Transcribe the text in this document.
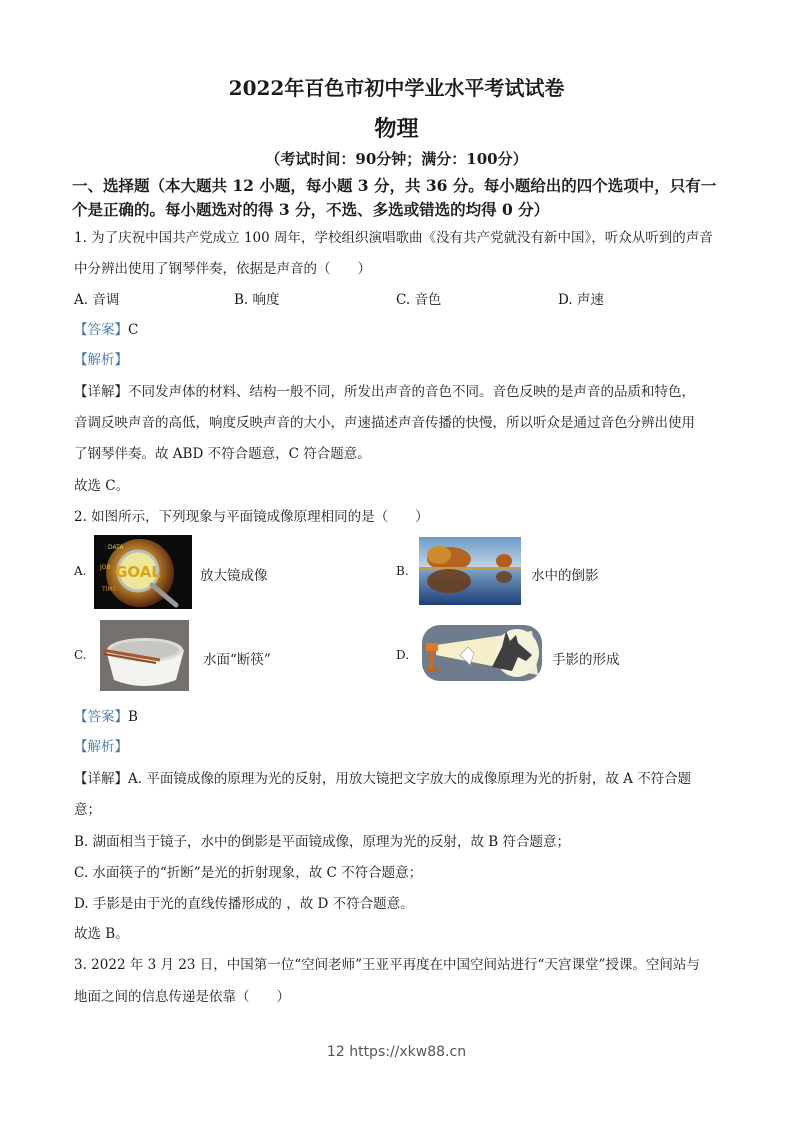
2022年百色市初中学业水平考试试卷
物理
（考试时间：90分钟；满分：100分）
一、选择题（本大题共 12 小题，每小题 3 分，共 36 分。每小题给出的四个选项中，只有一
个是正确的。每小题选对的得 3 分，不选、多选或错选的均得 0 分）
1. 为了庆祝中国共产党成立 100 周年，学校组织演唱歌曲《没有共产党就没有新中国》，听众从听到的声音
中分辨出使用了钢琴伴奏，依据是声音的（　　）
A. 音调	B. 响度	C. 音色	D. 声速
【答案】C
【解析】
【详解】不同发声体的材料、结构一般不同，所发出声音的音色不同。音色反映的是声音的品质和特色，
音调反映声音的高低，响度反映声音的大小，声速描述声音传播的快慢，所以听众是通过音色分辨出使用
了钢琴伴奏。故 ABD 不符合题意，C 符合题意。
故选 C。
2. 如图所示，下列现象与平面镜成像原理相同的是（　　）
A. GOAL
DATA
JOB
TIME
放大镜成像	B.	水中的倒影
C.	水面“断筷”	D.	手影的形成
【答案】B
【解析】
【详解】A. 平面镜成像的原理为光的反射，用放大镜把文字放大的成像原理为光的折射，故 A 不符合题
意；
B. 湖面相当于镜子，水中的倒影是平面镜成像，原理为光的反射，故 B 符合题意；
C. 水面筷子的“折断”是光的折射现象，故 C 不符合题意；
D. 手影是由于光的直线传播形成的 ，故 D 不符合题意。
故选 B。
3. 2022 年 3 月 23 日，中国第一位“空间老师”王亚平再度在中国空间站进行“天宫课堂”授课。空间站与
地面之间的信息传递是依靠（　　）
12 https://xkw88.cn
